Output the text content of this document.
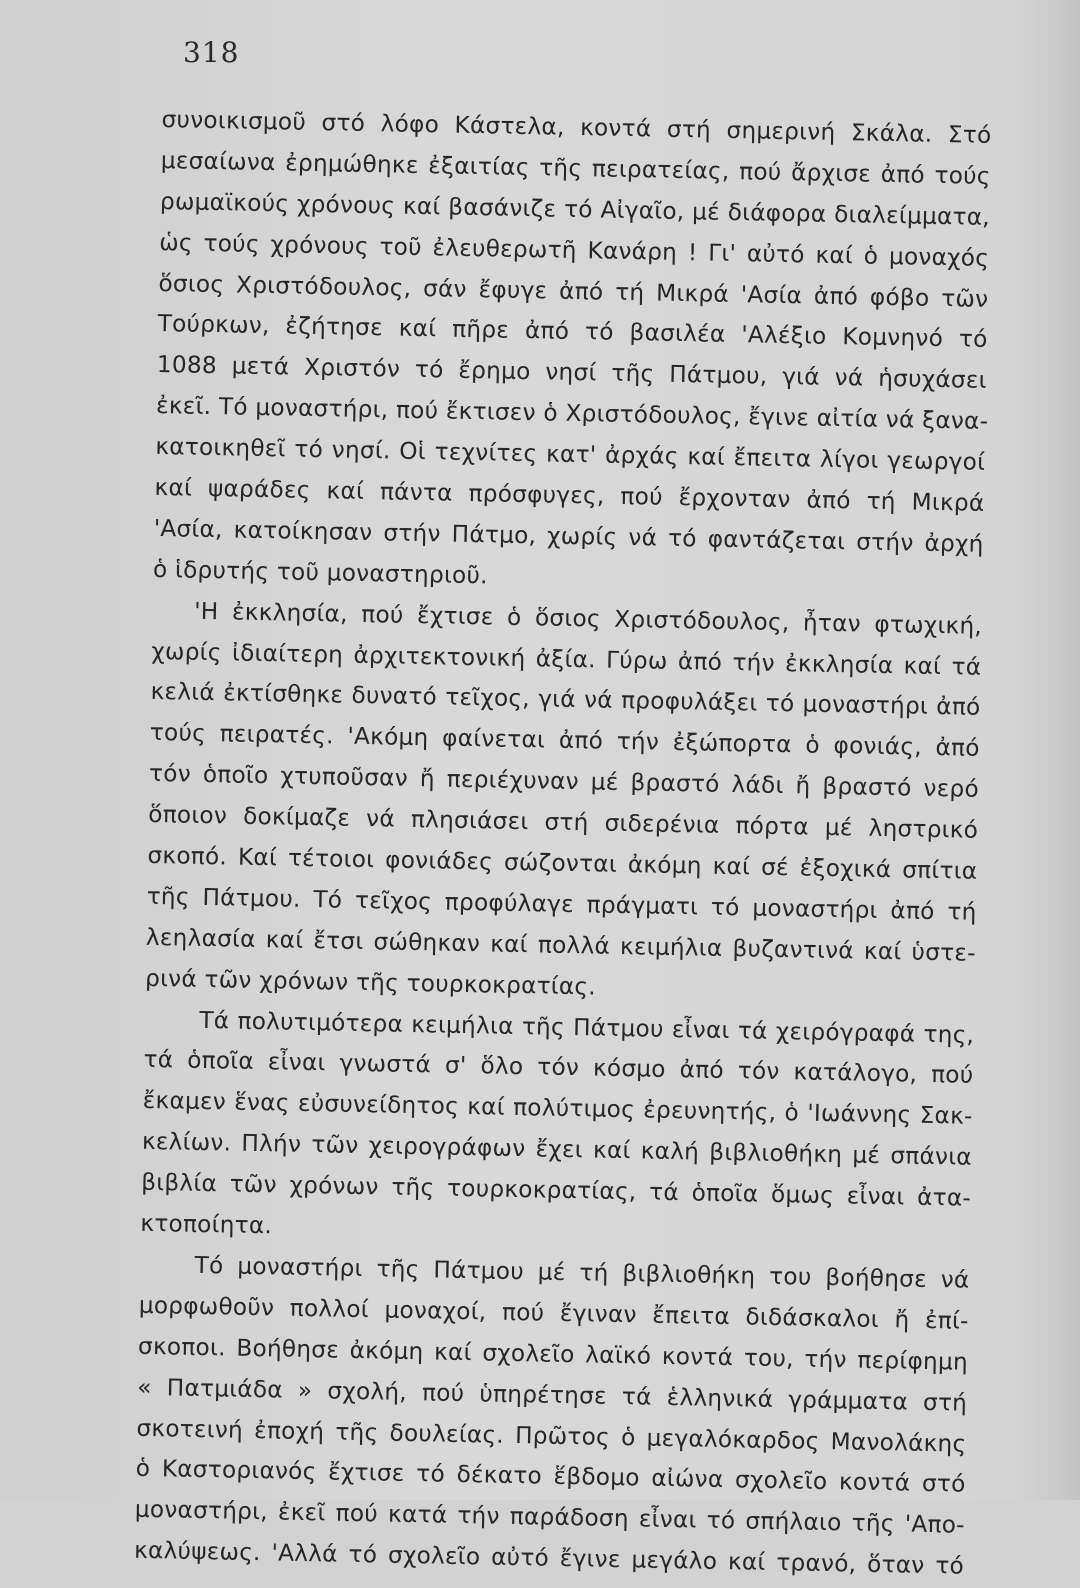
318
συνοικισμοῦ στό λόφο Κάστελα, κοντά στή σημερινή Σκάλα. Στό
μεσαίωνα ἐρημώθηκε ἐξαιτίας τῆς πειρατείας, πού ἄρχισε ἀπό τούς
ρωμαϊκούς χρόνους καί βασάνιζε τό Αἰγαῖο, μέ διάφορα διαλείμματα,
ὡς τούς χρόνους τοῦ ἐλευθερωτῆ Κανάρη ! Γι' αὐτό καί ὁ μοναχός
ὅσιος Χριστόδουλος, σάν ἔφυγε ἀπό τή Μικρά 'Ασία ἀπό φόβο τῶν
Τούρκων, ἐζήτησε καί πῆρε ἀπό τό βασιλέα 'Αλέξιο Κομνηνό τό
1088 μετά Χριστόν τό ἔρημο νησί τῆς Πάτμου, γιά νά ἡσυχάσει
ἐκεῖ. Τό μοναστήρι, πού ἔκτισεν ὁ Χριστόδουλος, ἔγινε αἰτία νά ξανα-
κατοικηθεῖ τό νησί. Οἱ τεχνίτες κατ' ἀρχάς καί ἔπειτα λίγοι γεωργοί
καί ψαράδες καί πάντα πρόσφυγες, πού ἔρχονταν ἀπό τή Μικρά
'Ασία, κατοίκησαν στήν Πάτμο, χωρίς νά τό φαντάζεται στήν ἀρχή
ὁ ἱδρυτής τοῦ μοναστηριοῦ.
'Η ἐκκλησία, πού ἔχτισε ὁ ὅσιος Χριστόδουλος, ἦταν φτωχική,
χωρίς ἰδιαίτερη ἀρχιτεκτονική ἀξία. Γύρω ἀπό τήν ἐκκλησία καί τά
κελιά ἐκτίσθηκε δυνατό τεῖχος, γιά νά προφυλάξει τό μοναστήρι ἀπό
τούς πειρατές. 'Ακόμη φαίνεται ἀπό τήν ἐξώπορτα ὁ φονιάς, ἀπό
τόν ὁποῖο χτυποῦσαν ἤ περιέχυναν μέ βραστό λάδι ἤ βραστό νερό
ὅποιον δοκίμαζε νά πλησιάσει στή σιδερένια πόρτα μέ ληστρικό
σκοπό. Καί τέτοιοι φονιάδες σώζονται ἀκόμη καί σέ ἐξοχικά σπίτια
τῆς Πάτμου. Τό τεῖχος προφύλαγε πράγματι τό μοναστήρι ἀπό τή
λεηλασία καί ἔτσι σώθηκαν καί πολλά κειμήλια βυζαντινά καί ὑστε-
ρινά τῶν χρόνων τῆς τουρκοκρατίας.
Τά πολυτιμότερα κειμήλια τῆς Πάτμου εἶναι τά χειρόγραφά της,
τά ὁποῖα εἶναι γνωστά σ' ὅλο τόν κόσμο ἀπό τόν κατάλογο, πού
ἔκαμεν ἕνας εὐσυνείδητος καί πολύτιμος ἐρευνητής, ὁ 'Ιωάννης Σακ-
κελίων. Πλήν τῶν χειρογράφων ἔχει καί καλή βιβλιοθήκη μέ σπάνια
βιβλία τῶν χρόνων τῆς τουρκοκρατίας, τά ὁποῖα ὅμως εἶναι ἀτα-
κτοποίητα.
Τό μοναστήρι τῆς Πάτμου μέ τή βιβλιοθήκη του βοήθησε νά
μορφωθοῦν πολλοί μοναχοί, πού ἔγιναν ἔπειτα διδάσκαλοι ἤ ἐπί-
σκοποι. Βοήθησε ἀκόμη καί σχολεῖο λαϊκό κοντά του, τήν περίφημη
« Πατμιάδα » σχολή, πού ὑπηρέτησε τά ἑλληνικά γράμματα στή
σκοτεινή ἐποχή τῆς δουλείας. Πρῶτος ὁ μεγαλόκαρδος Μανολάκης
ὁ Καστοριανός ἔχτισε τό δέκατο ἕβδομο αἰώνα σχολεῖο κοντά στό
μοναστήρι, ἐκεῖ πού κατά τήν παράδοση εἶναι τό σπήλαιο τῆς 'Απο-
καλύψεως. 'Αλλά τό σχολεῖο αὐτό ἔγινε μεγάλο καί τρανό, ὅταν τό
